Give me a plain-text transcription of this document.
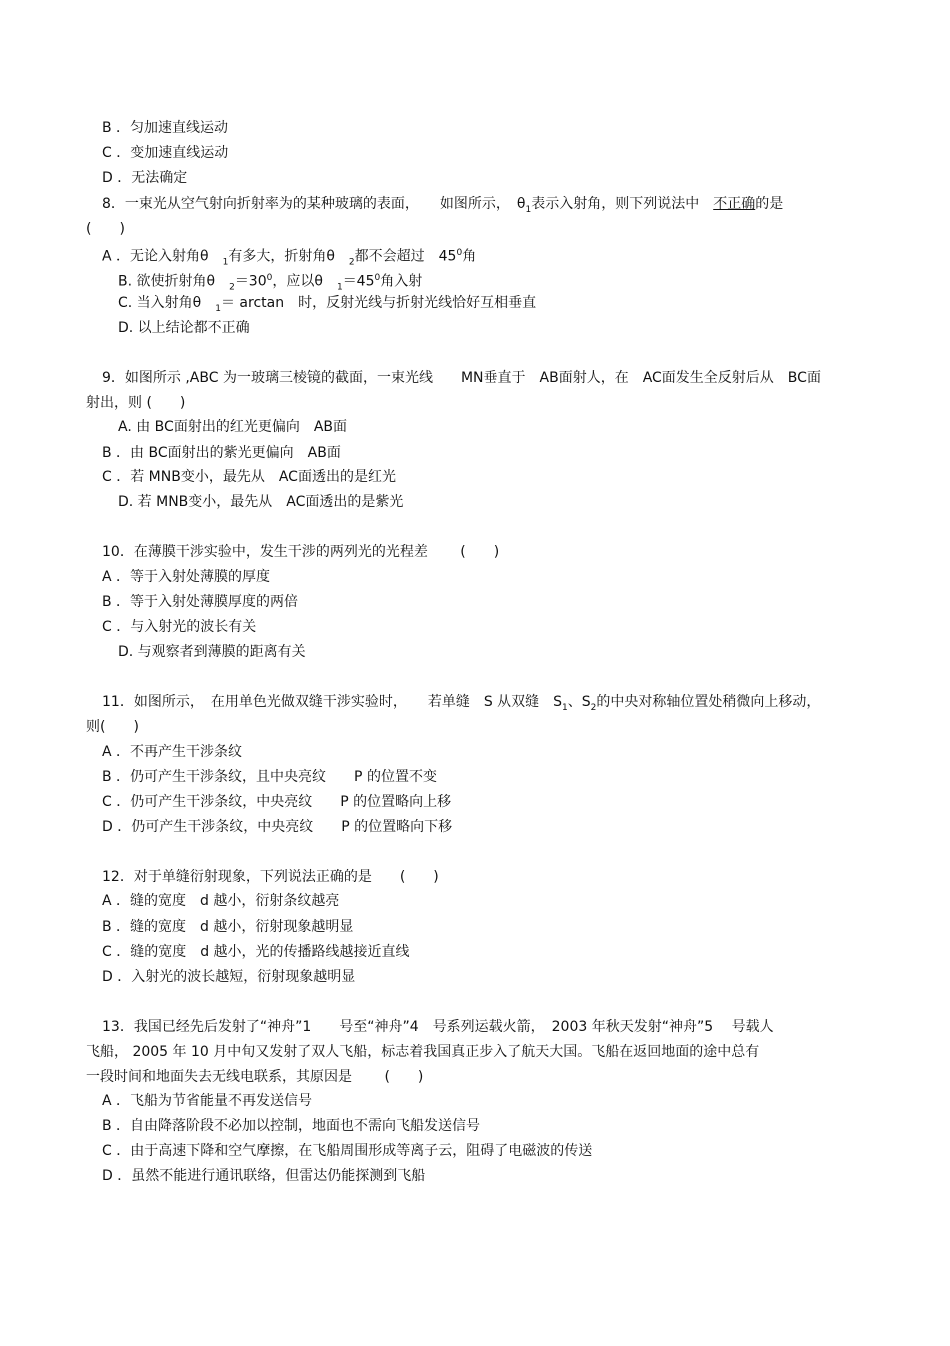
B ．匀加速直线运动
C ．变加速直线运动
D ．无法确定
8．一束光从空气射向折射率为的某种玻璃的表面，　　如图所示，　$\theta_1$表示入射角，则下列说法中　不正确的是
(　　)
A ．无论入射角θ　$_1$有多大，折射角θ　$_2$都不会超过　$45^0$角
B. 欲使折射角θ　$_2=30^0$，应以θ　$_1=45^0$角入射
C. 当入射角θ　$_1$＝ arctan　时，反射光线与折射光线恰好互相垂直
D. 以上结论都不正确
9．如图所示 ,ABC 为一玻璃三棱镜的截面，一束光线　　MN垂直于　AB面射人，在　AC面发生全反射后从　BC面
射出，则 (　　)
A. 由 BC面射出的红光更偏向　AB面
B ．由 BC面射出的紫光更偏向　AB面
C ．若 MNB变小，最先从　AC面透出的是红光
D. 若 MNB变小，最先从　AC面透出的是紫光
10．在薄膜干涉实验中，发生干涉的两列光的光程差　　 (　　)
A ．等于入射处薄膜的厚度
B ．等于入射处薄膜厚度的两倍
C ．与入射光的波长有关
D. 与观察者到薄膜的距离有关
11．如图所示，　在用单色光做双缝干涉实验时，　　若单缝　S 从双缝　$S_1$、$S_2$的中央对称轴位置处稍微向上移动，
则(　　)
A ．不再产生干涉条纹
B ．仍可产生干涉条纹，且中央亮纹　　P 的位置不变
C ．仍可产生干涉条纹，中央亮纹　　P 的位置略向上移
D ．仍可产生干涉条纹，中央亮纹　　P 的位置略向下移
12．对于单缝衍射现象，下列说法正确的是　　(　　)
A ．缝的宽度　d 越小，衍射条纹越亮
B ．缝的宽度　d 越小，衍射现象越明显
C ．缝的宽度　d 越小，光的传播路线越接近直线
D ．入射光的波长越短，衍射现象越明显
13．我国已经先后发射了“神舟”1　　号至“神舟”4　号系列运载火箭，　2003 年秋天发射“神舟”5　 号载人
飞船， 2005 年 10 月中旬又发射了双人飞船，标志着我国真正步入了航天大国。飞船在返回地面的途中总有
一段时间和地面失去无线电联系，其原因是　　 (　　)
A ．飞船为节省能量不再发送信号
B ．自由降落阶段不必加以控制，地面也不需向飞船发送信号
C ．由于高速下降和空气摩擦，在飞船周围形成等离子云，阻碍了电磁波的传送
D ．虽然不能进行通讯联络，但雷达仍能探测到飞船
